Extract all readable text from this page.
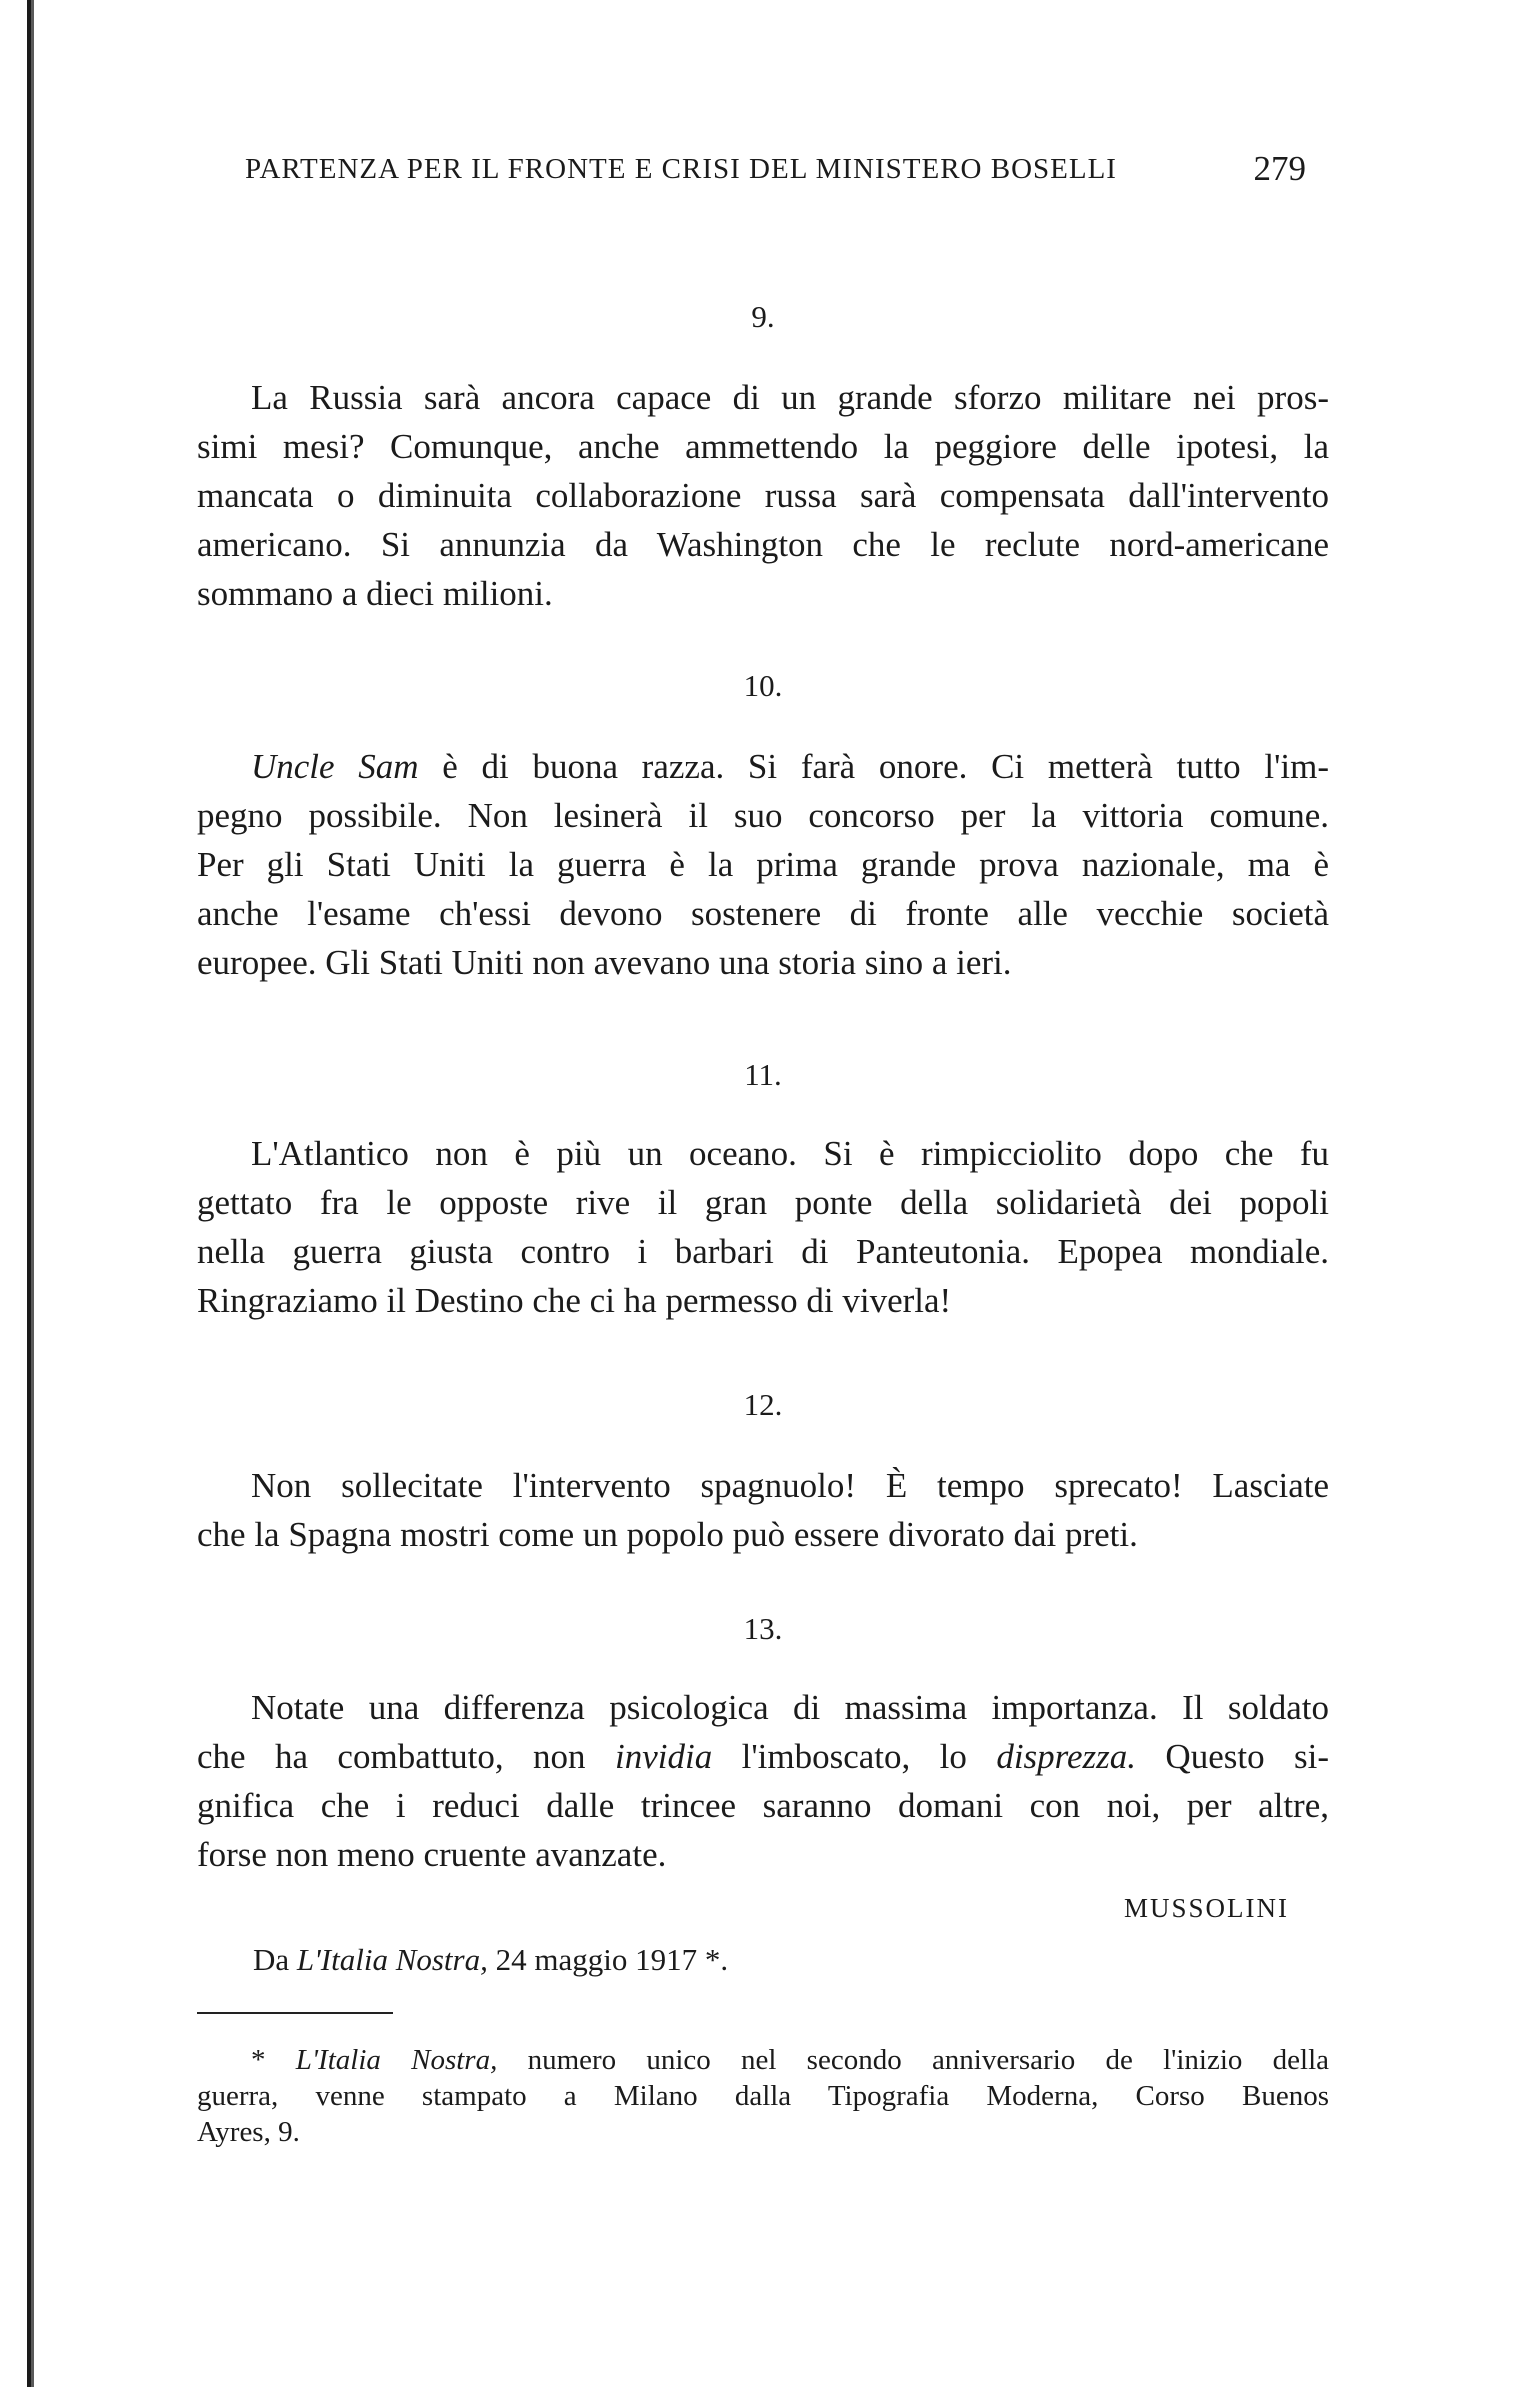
PARTENZA PER IL FRONTE E CRISI DEL MINISTERO BOSELLI	279

9.

La Russia sarà ancora capace di un grande sforzo militare nei pros-
simi mesi? Comunque, anche ammettendo la peggiore delle ipotesi, la
mancata o diminuita collaborazione russa sarà compensata dall'intervento
americano. Si annunzia da Washington che le reclute nord-americane
sommano a dieci milioni.

10.

Uncle Sam è di buona razza. Si farà onore. Ci metterà tutto l'im-
pegno possibile. Non lesinerà il suo concorso per la vittoria comune.
Per gli Stati Uniti la guerra è la prima grande prova nazionale, ma è
anche l'esame ch'essi devono sostenere di fronte alle vecchie società
europee. Gli Stati Uniti non avevano una storia sino a ieri.

11.

L'Atlantico non è più un oceano. Si è rimpicciolito dopo che fu
gettato fra le opposte rive il gran ponte della solidarietà dei popoli
nella guerra giusta contro i barbari di Panteutonia. Epopea mondiale.
Ringraziamo il Destino che ci ha permesso di viverla!

12.

Non sollecitate l'intervento spagnuolo! È tempo sprecato! Lasciate
che la Spagna mostri come un popolo può essere divorato dai preti.

13.

Notate una differenza psicologica di massima importanza. Il soldato
che ha combattuto, non invidia l'imboscato, lo disprezza. Questo si-
gnifica che i reduci dalle trincee saranno domani con noi, per altre,
forse non meno cruente avanzate.

MUSSOLINI

Da L'Italia Nostra, 24 maggio 1917 *.

* L'Italia Nostra, numero unico nel secondo anniversario de l'inizio della
guerra, venne stampato a Milano dalla Tipografia Moderna, Corso Buenos
Ayres, 9.
